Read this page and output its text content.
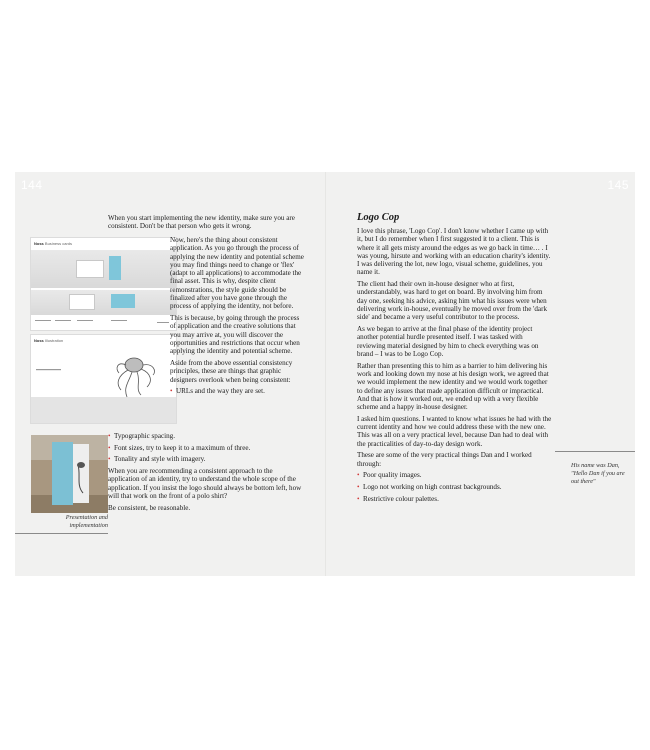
144	145
When you start implementing the new identity, make sure you are consistent. Don't be that person who gets it wrong.
Noss Business cards
Noss Illustration

Now, here's the thing about consistent application. As you go through the process of applying the new identity and potential scheme you may find things need to change or 'flex' (adapt to all applications) to accommodate the final asset. This is why, despite client remonstrations, the style guide should be finalized after you have gone through the process of applying the identity, not before.

This is because, by going through the process of application and the creative solutions that you may arrive at, you will discover the opportunities and restrictions that occur when applying the identity and potential scheme.

Aside from the above essential consistency principles, these are things that graphic designers overlook when being consistent:

• URLs and the way they are set.
Presentation and implementation
• Typographic spacing.
• Font sizes, try to keep it to a maximum of three.
• Tonality and style with imagery.

When you are recommending a consistent approach to the application of an identity, try to understand the whole scope of the application. If you insist the logo should always be bottom left, how will that work on the front of a polo shirt?

Be consistent, be reasonable.

Logo Cop

I love this phrase, 'Logo Cop'. I don't know whether I came up with it, but I do remember when I first suggested it to a client. This is where it all gets misty around the edges as we go back in time… . I was young, hirsute and working with an education charity's identity. I was delivering the lot, new logo, visual scheme, guidelines, you name it.

The client had their own in-house designer who at first, understandably, was hard to get on board. By involving him from day one, seeking his advice, asking him what his issues were when delivering work in-house, eventually he moved over from the 'dark side' and became a very useful contributor to the process.

As we began to arrive at the final phase of the identity project another potential hurdle presented itself. I was tasked with reviewing material designed by him to check everything was on brand – I was to be Logo Cop.

Rather than presenting this to him as a barrier to him delivering his work and looking down my nose at his design work, we agreed that we would implement the new identity and we would work together to define any issues that made application difficult or impractical. And that is how it worked out, we ended up with a very flexible scheme and a happy in-house designer.

I asked him questions. I wanted to know what issues he had with the current identity and how we could address these with the new one. This was all on a very practical level, because Dan had to deal with the practicalities of day-to-day design work.

These are some of the very practical things Dan and I worked through:

• Poor quality images.
• Logo not working on high contrast backgrounds.
• Restrictive colour palettes.
His name was Dan, "Hello Dan if you are out there"
